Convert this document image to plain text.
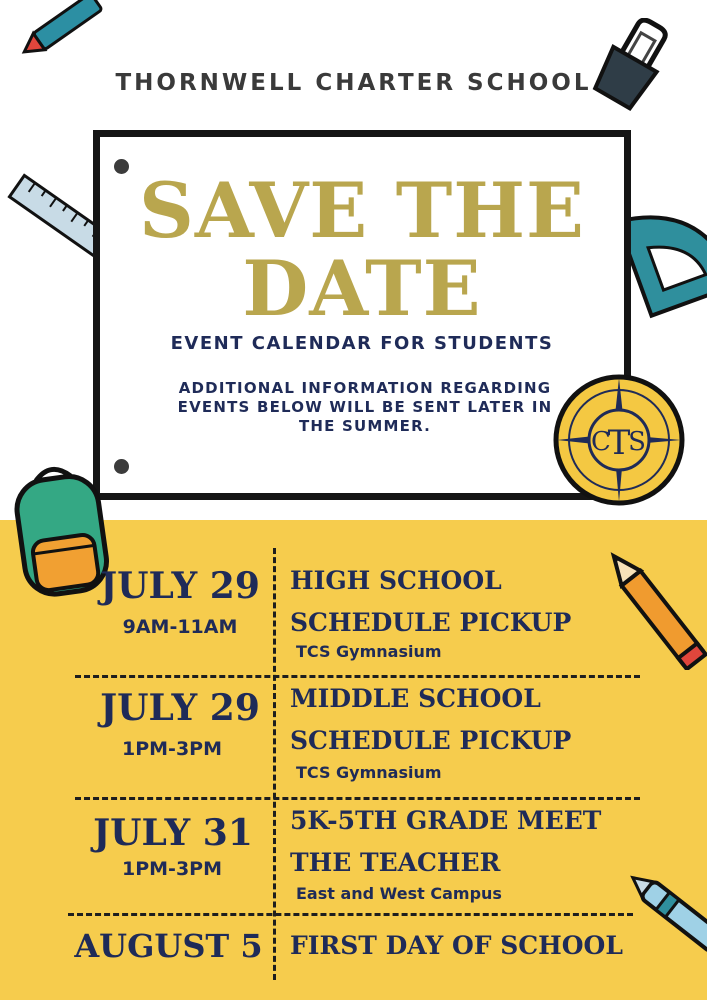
SAVE THE
DATE
EVENT CALENDAR FOR STUDENTS
ADDITIONAL INFORMATION REGARDING
EVENTS BELOW WILL BE SENT LATER IN
THE SUMMER.
THORNWELL CHARTER SCHOOL
C
T
S
JULY 29
9AM-11AM
HIGH SCHOOL
SCHEDULE PICKUP
TCS Gymnasium
JULY 29
1PM-3PM
MIDDLE SCHOOL
SCHEDULE PICKUP
TCS Gymnasium
JULY 31
1PM-3PM
5K-5TH GRADE MEET
THE TEACHER
East and West Campus
AUGUST 5	FIRST DAY OF SCHOOL
